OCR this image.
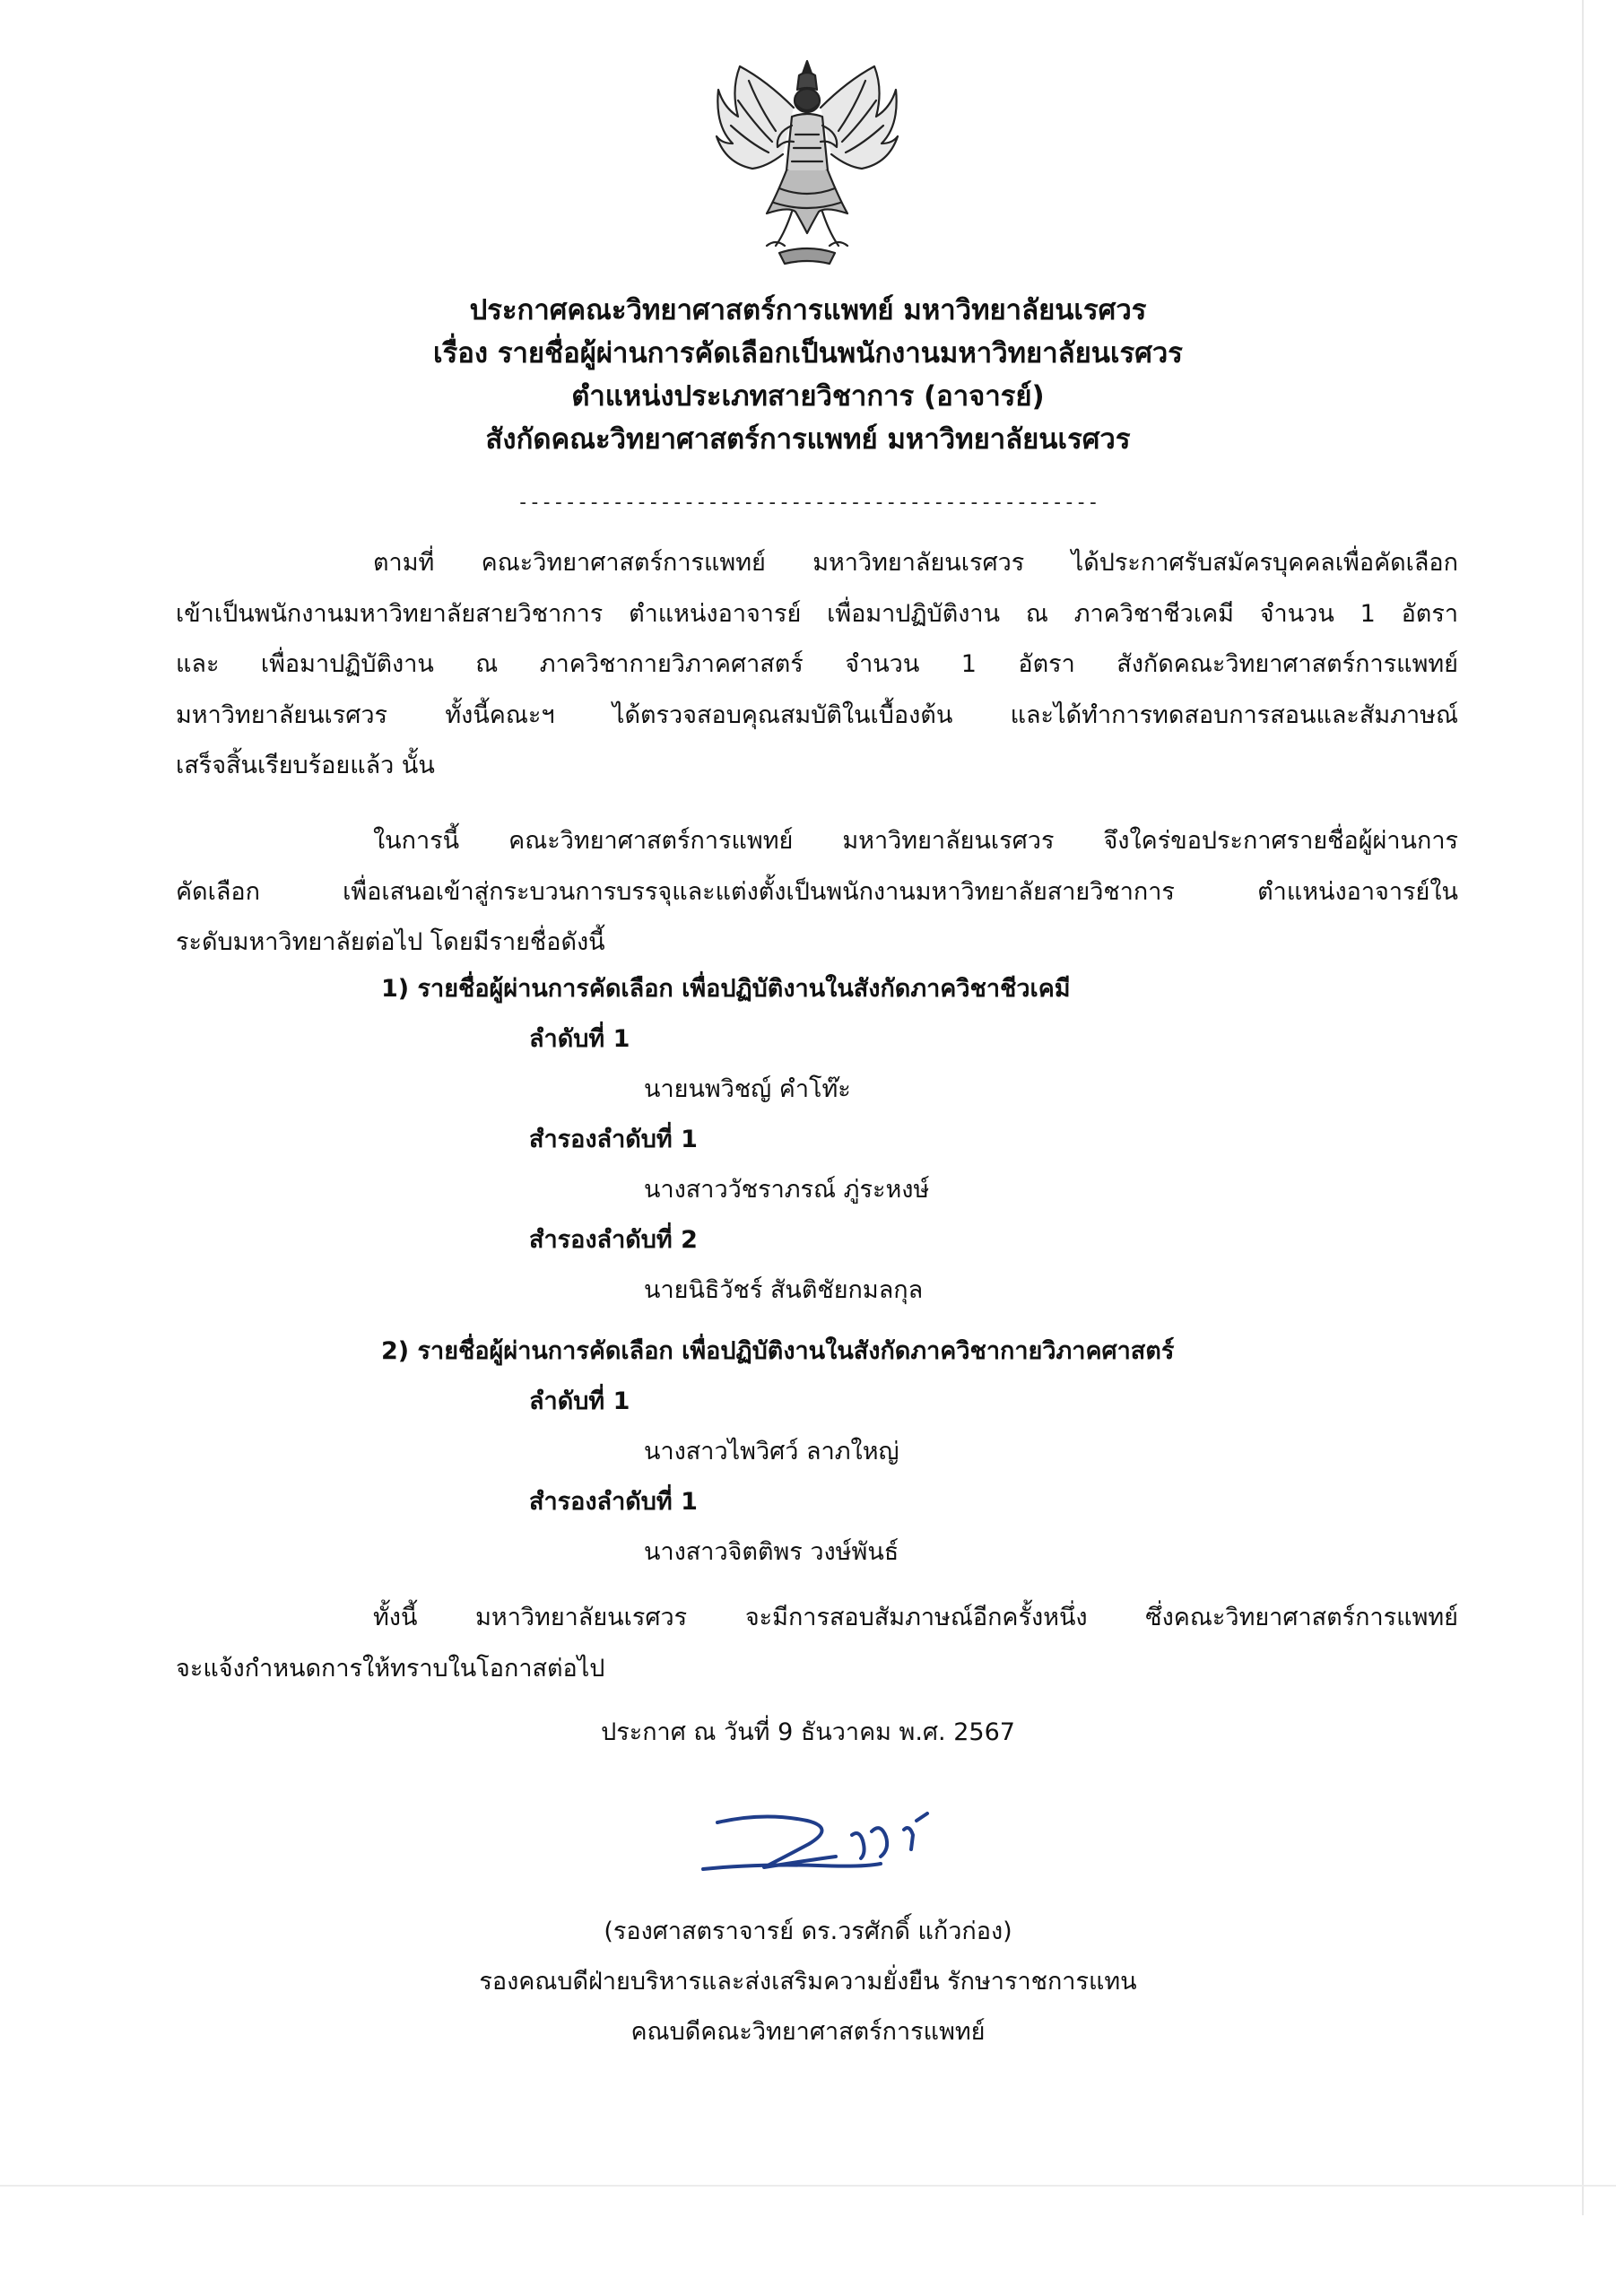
ประกาศคณะวิทยาศาสตร์การแพทย์ มหาวิทยาลัยนเรศวร
เรื่อง รายชื่อผู้ผ่านการคัดเลือกเป็นพนักงานมหาวิทยาลัยนเรศวร
ตำแหน่งประเภทสายวิชาการ (อาจารย์)
สังกัดคณะวิทยาศาสตร์การแพทย์ มหาวิทยาลัยนเรศวร
-------------------------------------------------
ตามที่ คณะวิทยาศาสตร์การแพทย์ มหาวิทยาลัยนเรศวร ได้ประกาศรับสมัครบุคคลเพื่อคัดเลือก
เข้าเป็นพนักงานมหาวิทยาลัยสายวิชาการ ตำแหน่งอาจารย์ เพื่อมาปฏิบัติงาน ณ ภาควิชาชีวเคมี จำนวน 1 อัตรา
และ เพื่อมาปฏิบัติงาน ณ ภาควิชากายวิภาคศาสตร์ จำนวน 1 อัตรา สังกัดคณะวิทยาศาสตร์การแพทย์
มหาวิทยาลัยนเรศวร ทั้งนี้คณะฯ ได้ตรวจสอบคุณสมบัติในเบื้องต้น และได้ทำการทดสอบการสอนและสัมภาษณ์
เสร็จสิ้นเรียบร้อยแล้ว นั้น
ในการนี้ คณะวิทยาศาสตร์การแพทย์ มหาวิทยาลัยนเรศวร จึงใคร่ขอประกาศรายชื่อผู้ผ่านการ
คัดเลือก เพื่อเสนอเข้าสู่กระบวนการบรรจุและแต่งตั้งเป็นพนักงานมหาวิทยาลัยสายวิชาการ ตำแหน่งอาจารย์ใน
ระดับมหาวิทยาลัยต่อไป โดยมีรายชื่อดังนี้
1) รายชื่อผู้ผ่านการคัดเลือก เพื่อปฏิบัติงานในสังกัดภาควิชาชีวเคมี
ลำดับที่ 1
นายนพวิชญ์ คำโท๊ะ
สำรองลำดับที่ 1
นางสาววัชราภรณ์ ภู่ระหงษ์
สำรองลำดับที่ 2
นายนิธิวัชร์ สันติชัยกมลกุล
2) รายชื่อผู้ผ่านการคัดเลือก เพื่อปฏิบัติงานในสังกัดภาควิชากายวิภาคศาสตร์
ลำดับที่ 1
นางสาวไพวิศว์ ลาภใหญ่
สำรองลำดับที่ 1
นางสาวจิตติพร วงษ์พันธ์
ทั้งนี้ มหาวิทยาลัยนเรศวร จะมีการสอบสัมภาษณ์อีกครั้งหนึ่ง ซึ่งคณะวิทยาศาสตร์การแพทย์
จะแจ้งกำหนดการให้ทราบในโอกาสต่อไป
ประกาศ ณ วันที่ 9 ธันวาคม พ.ศ. 2567
(รองศาสตราจารย์ ดร.วรศักดิ์ แก้วก่อง)
รองคณบดีฝ่ายบริหารและส่งเสริมความยั่งยืน รักษาราชการแทน
คณบดีคณะวิทยาศาสตร์การแพทย์
